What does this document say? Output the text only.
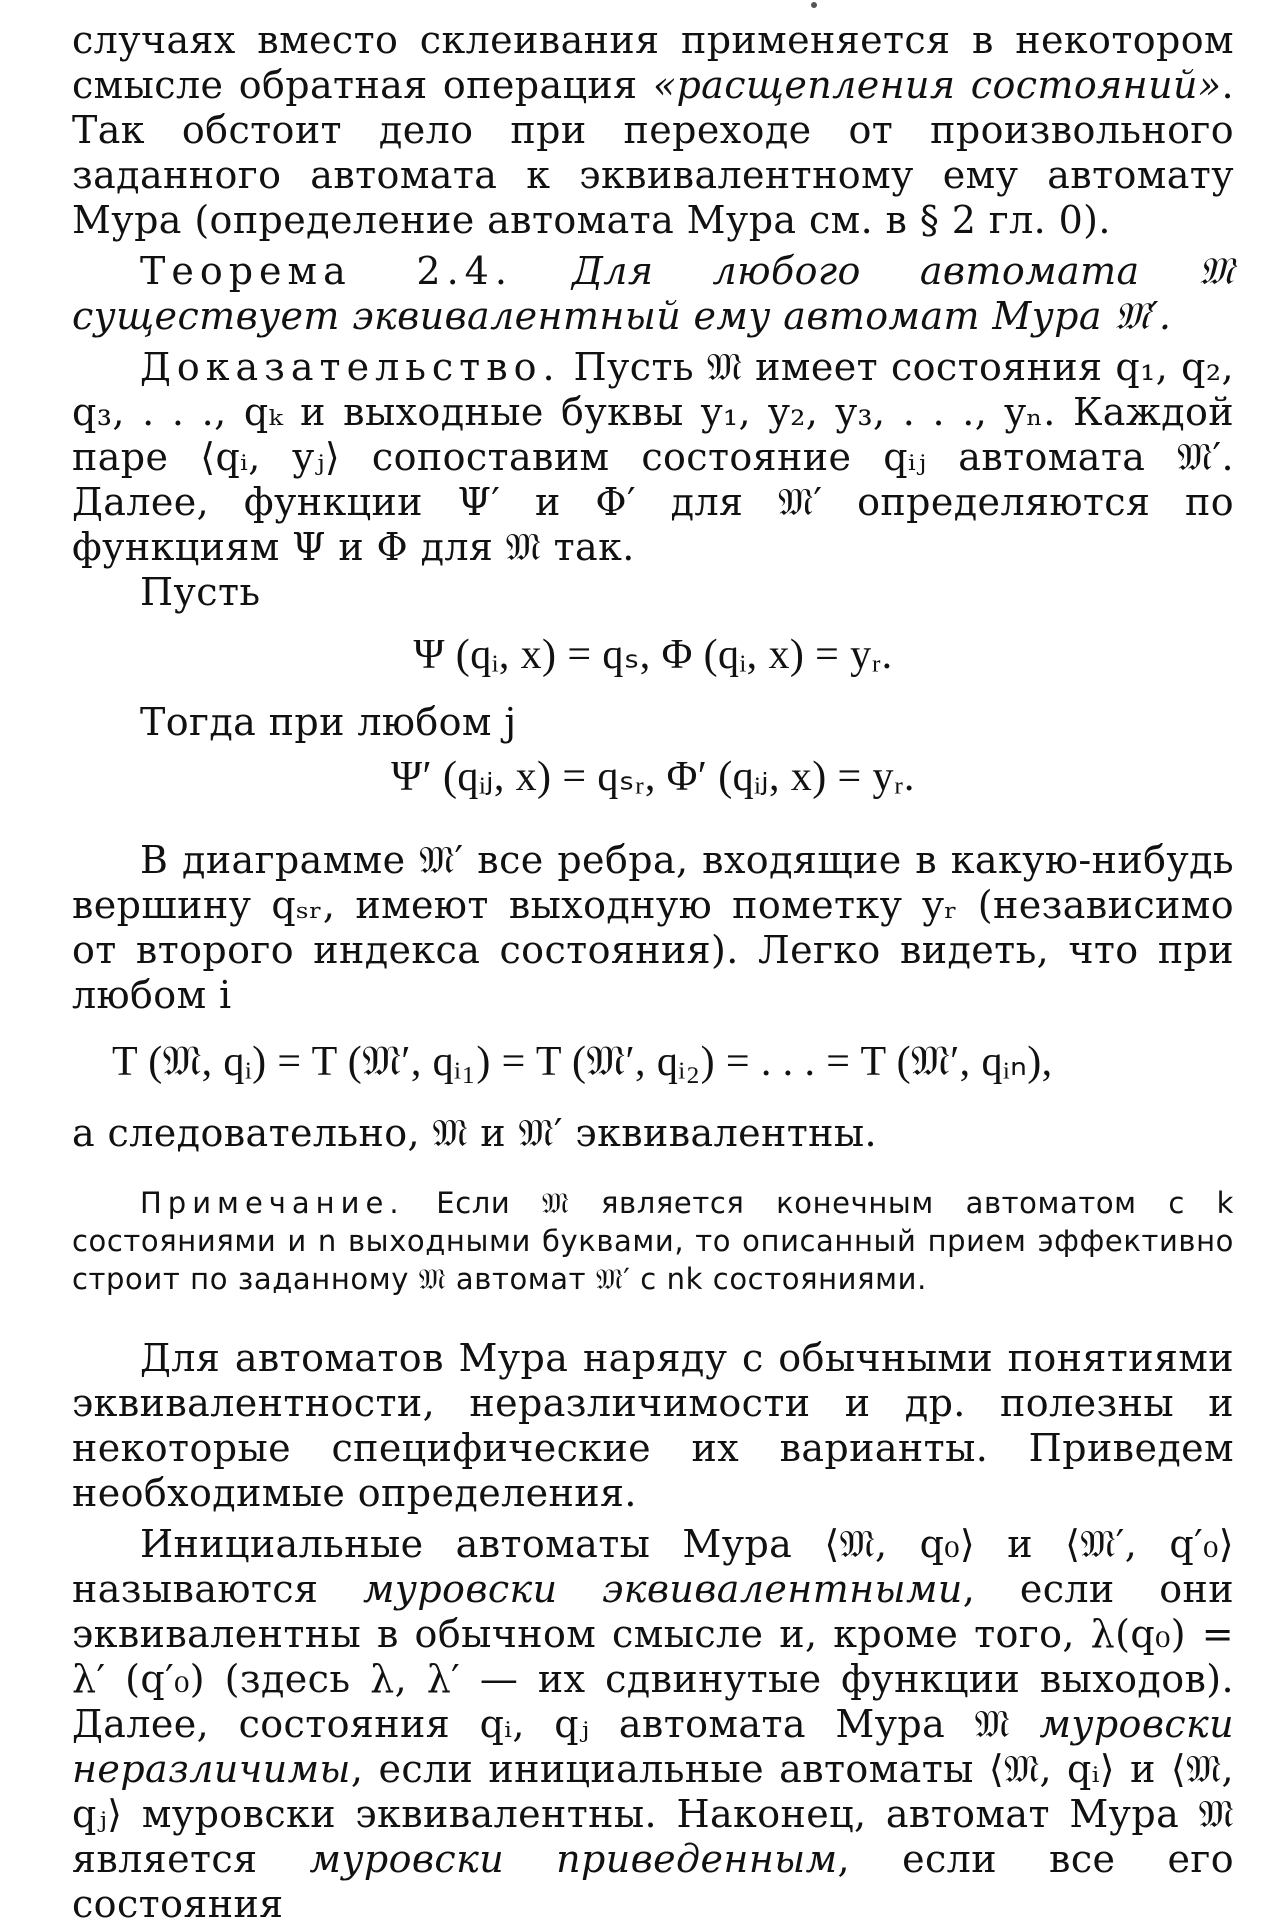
случаях вместо склеивания применяется в некотором смысле обратная операция «расщепления состояний». Так обстоит дело при переходе от произвольного заданного автомата к эквивалентному ему автомату Мура (определение автомата Мура см. в § 2 гл. 0).

Теорема 2.4. Для любого автомата 𝔐 существует эквивалентный ему автомат Мура 𝔐′.

Доказательство. Пусть 𝔐 имеет состояния q₁, q₂, q₃, . . ., qₖ и выходные буквы y₁, y₂, y₃, . . ., yₙ. Каждой паре ⟨qᵢ, yⱼ⟩ сопоставим состояние qᵢⱼ автомата 𝔐′. Далее, функции Ψ′ и Φ′ для 𝔐′ определяются по функциям Ψ и Φ для 𝔐 так.

Пусть

Ψ (qᵢ, x) = qₛ, Φ (qᵢ, x) = yᵣ.

Тогда при любом j

Ψ′ (qᵢⱼ, x) = qₛᵣ, Φ′ (qᵢⱼ, x) = yᵣ.

В диаграмме 𝔐′ все ребра, входящие в какую-нибудь вершину qₛᵣ, имеют выходную пометку yᵣ (независимо от второго индекса состояния). Легко видеть, что при любом i

T (𝔐, qᵢ) = T (𝔐′, qᵢ₁) = T (𝔐′, qᵢ₂) = . . . = T (𝔐′, qᵢₙ),

а следовательно, 𝔐 и 𝔐′ эквивалентны.

Примечание. Если 𝔐 является конечным автоматом с k состояниями и n выходными буквами, то описанный прием эффективно строит по заданному 𝔐 автомат 𝔐′ с nk состояниями.

Для автоматов Мура наряду с обычными понятиями эквивалентности, неразличимости и др. полезны и некоторые специфические их варианты. Приведем необходимые определения.

Инициальные автоматы Мура ⟨𝔐, q₀⟩ и ⟨𝔐′, q′₀⟩ называются муровски эквивалентными, если они эквивалентны в обычном смысле и, кроме того, λ(q₀) = λ′ (q′₀) (здесь λ, λ′ — их сдвинутые функции выходов). Далее, состояния qᵢ, qⱼ автомата Мура 𝔐 муровски неразличимы, если инициальные автоматы ⟨𝔐, qᵢ⟩ и ⟨𝔐, qⱼ⟩ муровски эквивалентны. Наконец, автомат Мура 𝔐 является муровски приведенным, если все его состояния
